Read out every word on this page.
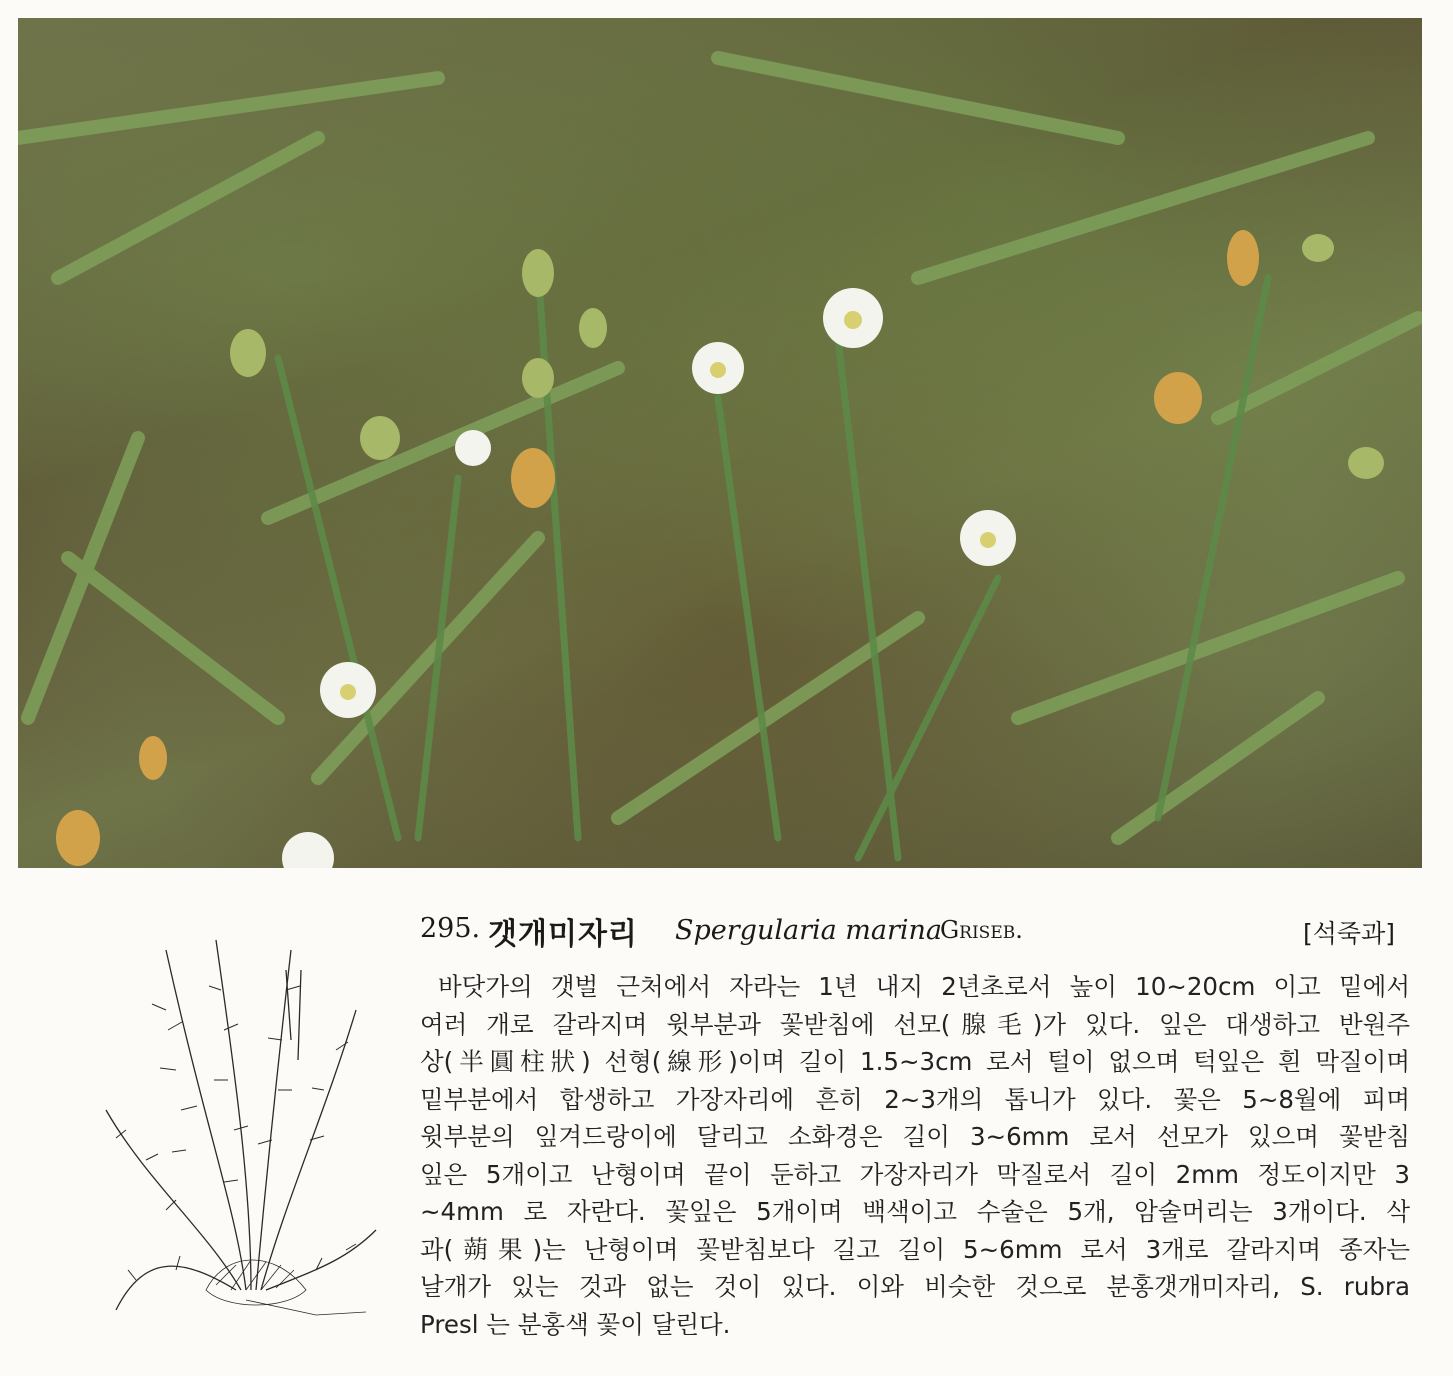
295. 갯개미자리 Spergularia marina
Griseb.	[석죽과]
바닷가의 갯벌 근처에서 자라는 1년 내지 2년초로서 높이 10~20cm 이고 밑에서
여러 개로 갈라지며 윗부분과 꽃받침에 선모(腺毛)가 있다. 잎은 대생하고 반원주
상(半圓柱狀) 선형(線形)이며 길이 1.5~3cm 로서 털이 없으며 턱잎은 흰 막질이며
밑부분에서 합생하고 가장자리에 흔히 2~3개의 톱니가 있다. 꽃은 5~8월에 피며
윗부분의 잎겨드랑이에 달리고 소화경은 길이 3~6mm 로서 선모가 있으며 꽃받침
잎은 5개이고 난형이며 끝이 둔하고 가장자리가 막질로서 길이 2mm 정도이지만 3
~4mm 로 자란다. 꽃잎은 5개이며 백색이고 수술은 5개, 암술머리는 3개이다. 삭
과(蒴果)는 난형이며 꽃받침보다 길고 길이 5~6mm 로서 3개로 갈라지며 종자는
날개가 있는 것과 없는 것이 있다. 이와 비슷한 것으로 분홍갯개미자리, S. rubra
Presl 는 분홍색 꽃이 달린다.
